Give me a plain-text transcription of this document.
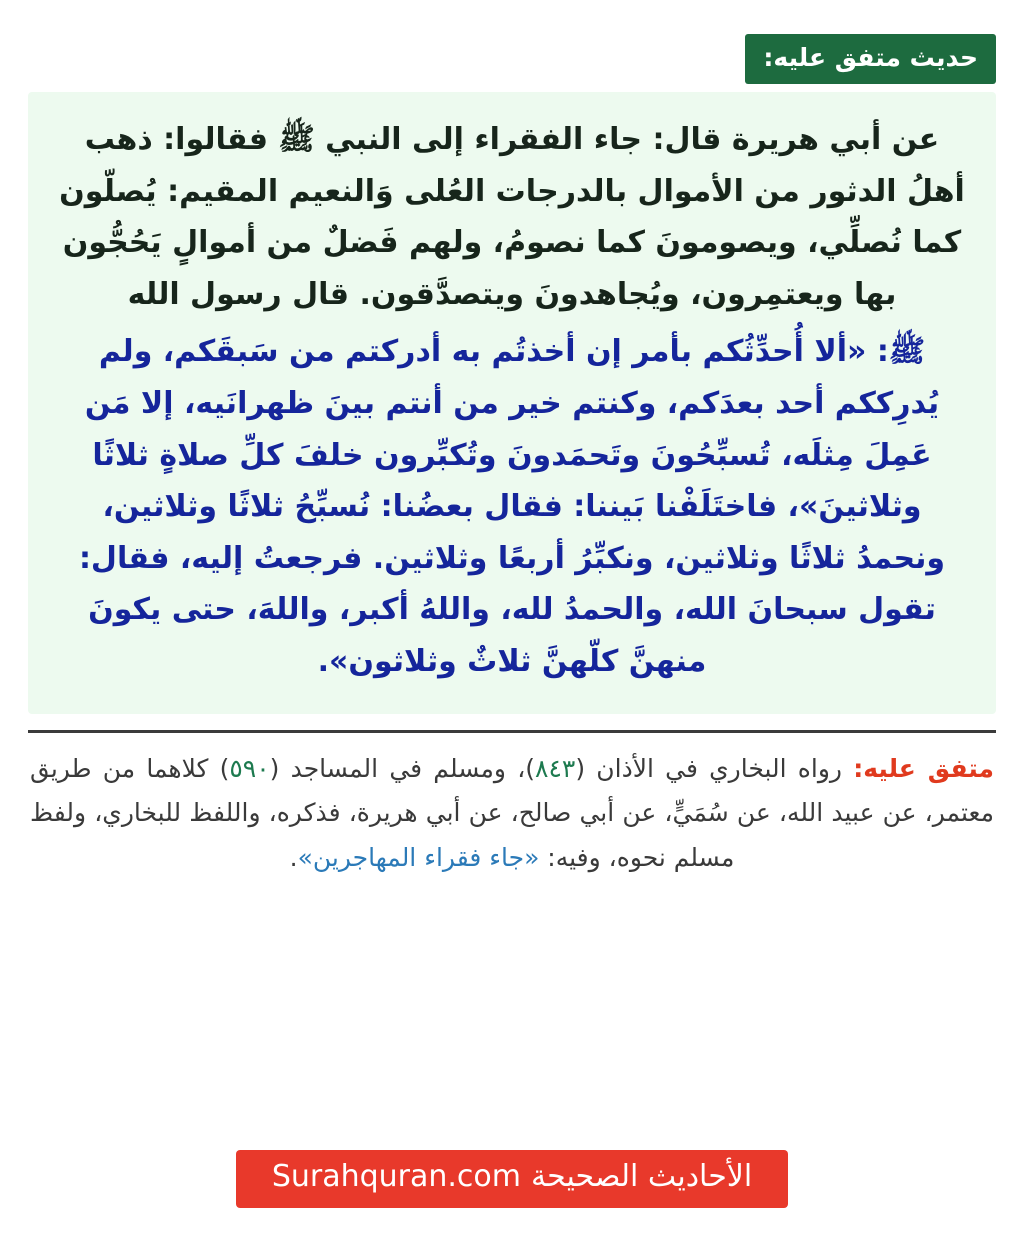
حديث متفق عليه:

عن أبي هريرة قال: جاء الفقراء إلى النبي ﷺ فقالوا: ذهب أهلُ الدثور من الأموال بالدرجات العُلى وَالنعيم المقيم: يُصلّون كما نُصلِّي، ويصومونَ كما نصومُ، ولهم فَضلٌ من أموالٍ يَحُجُّون بها ويعتمِرون، ويُجاهدونَ ويتصدَّقون. قال رسول الله

ﷺ: «ألا أُحدِّثُكم بأمر إن أخذتُم به أدركتم من سَبقَكم، ولم يُدرِككم أحد بعدَكم، وكنتم خير من أنتم بينَ ظهرانَيه، إلا مَن عَمِلَ مِثلَه، تُسبِّحُونَ وتَحمَدونَ وتُكبِّرون خلفَ كلِّ صلاةٍ ثلاثًا وثلاثينَ»، فاختَلَفْنا بَيننا: فقال بعضُنا: نُسبِّحُ ثلاثًا وثلاثين، ونحمدُ ثلاثًا وثلاثين، ونكبِّرُ أربعًا وثلاثين. فرجعتُ إليه، فقال: تقول سبحانَ الله، والحمدُ لله، واللهُ أكبر، واللهَ، حتى يكونَ منهنَّ كلّهنَّ ثلاثٌ وثلاثون».

متفق عليه: رواه البخاري في الأذان (٨٤٣)، ومسلم في المساجد (٥٩٠) كلاهما من طريق معتمر، عن عبيد الله، عن سُمَيٍّ، عن أبي صالح، عن أبي هريرة، فذكره، واللفظ للبخاري، ولفظ مسلم نحوه، وفيه: «جاء فقراء المهاجرين».

الأحاديث الصحيحة
Surahquran.com
